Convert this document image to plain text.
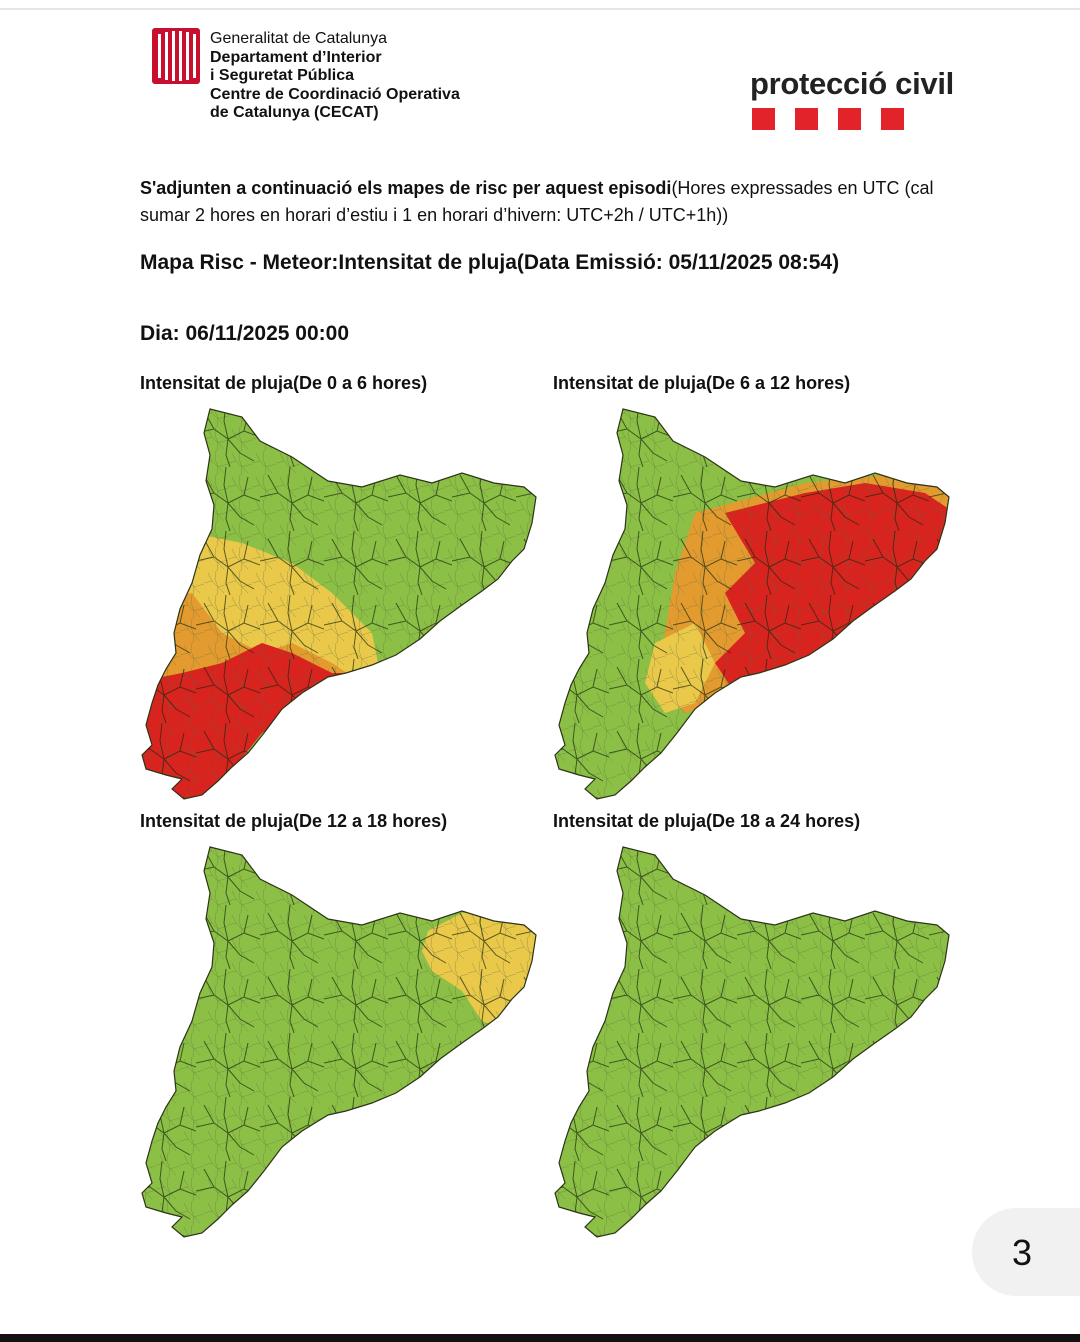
Generalitat de Catalunya
Departament d’Interior
i Seguretat Pública
Centre de Coordinació Operativa
de Catalunya (CECAT)
protecció civil
S'adjunten a continuació els mapes de risc per aquest episodi(Hores expressades en UTC (cal sumar 2 hores en horari d’estiu i 1 en horari d’hivern: UTC+2h / UTC+1h))
Mapa Risc - Meteor:Intensitat de pluja(Data Emissió: 05/11/2025 08:54)
Dia: 06/11/2025 00:00
Intensitat de pluja(De 0 a 6 hores)	Intensitat de pluja(De 6 a 12 hores)
Intensitat de pluja(De 12 a 18 hores)	Intensitat de pluja(De 18 a 24 hores)
3
